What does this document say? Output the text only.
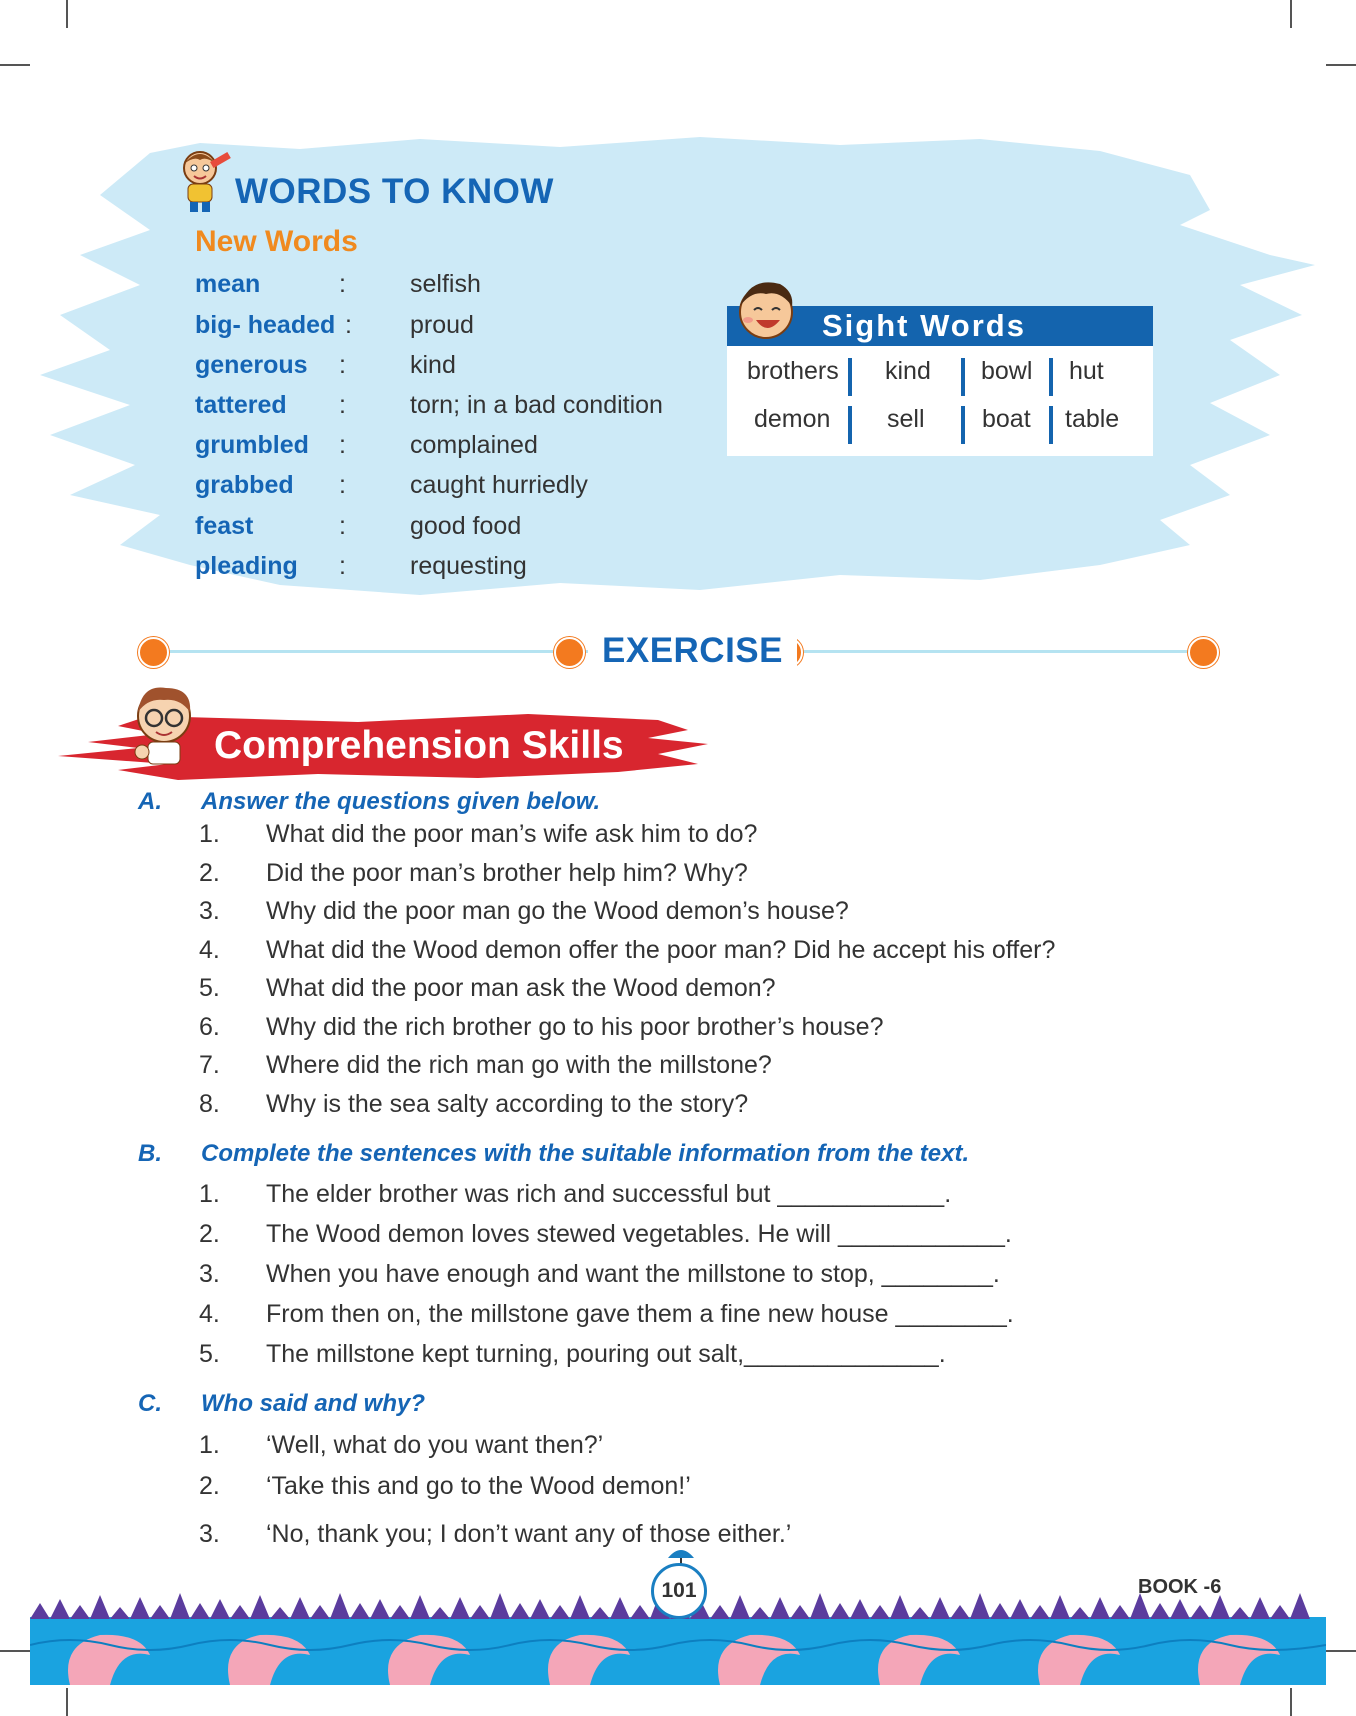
WORDS TO KNOW
New Words
mean	:	selfish
big- headed : proud
generous :	kind
tattered :	torn; in a bad condition
grumbled :	complained
grabbed :	caught hurriedly
feast	:	good food
pleading :	requesting
Sight Words
brothers kind bowl hut
demon sell boat table
EXERCISE
Comprehension Skills
A. Answer the questions given below.
1. What did the poor man’s wife ask him to do?
2. Did the poor man’s brother help him? Why?
3. Why did the poor man go the Wood demon’s house?
4. What did the Wood demon offer the poor man? Did he accept his offer?
5. What did the poor man ask the Wood demon?
6. Why did the rich brother go to his poor brother’s house?
7. Where did the rich man go with the millstone?
8. Why is the sea salty according to the story?
B. Complete the sentences with the suitable information from the text.
1. The elder brother was rich and successful but ____________.
2. The Wood demon loves stewed vegetables. He will ____________.
3. When you have enough and want the millstone to stop, ________.
4. From then on, the millstone gave them a fine new house ________.
5. The millstone kept turning, pouring out salt,______________.
C. Who said and why?
1. ‘Well, what do you want then?’
2. ‘Take this and go to the Wood demon!’
3. ‘No, thank you; I don’t want any of those either.’
101	BOOK -6
